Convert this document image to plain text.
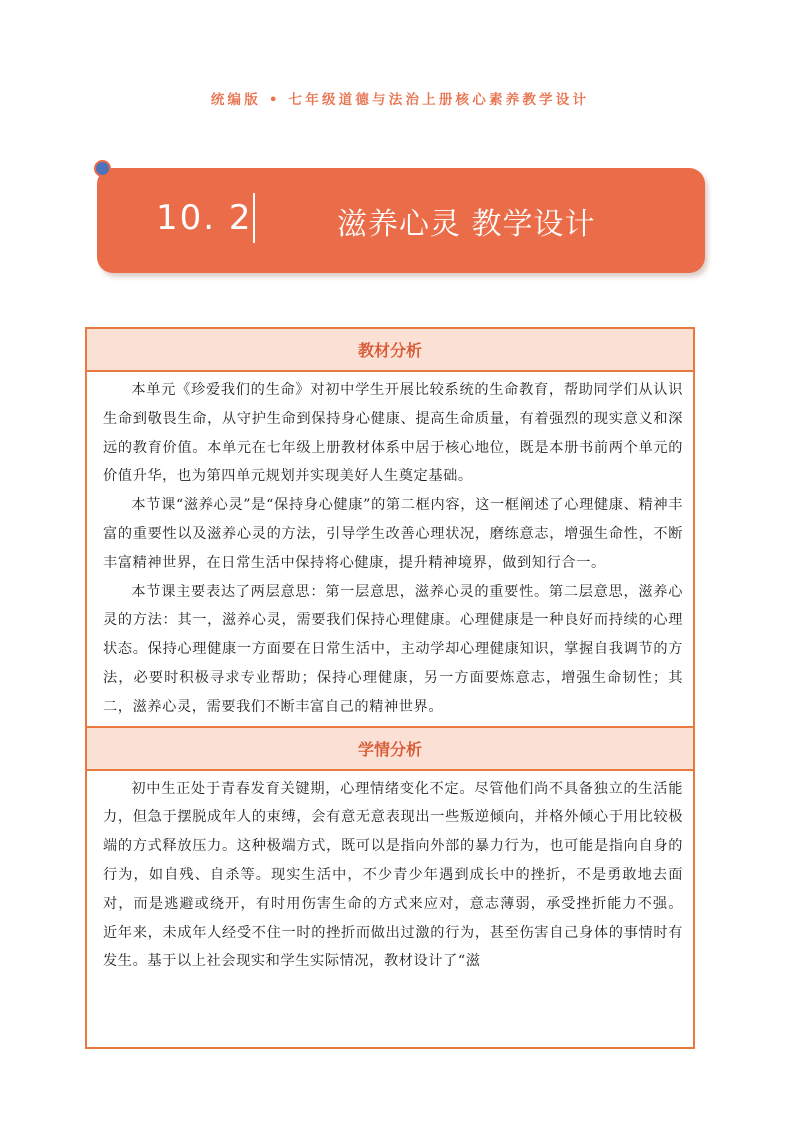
统编版 • 七年级道德与法治上册核心素养教学设计
10. 2	滋养心灵 教学设计
教材分析

本单元《珍爱我们的生命》对初中学生开展比较系统的生命教育，帮助同学们从认识生命到敬畏生命，从守护生命到保持身心健康、提高生命质量，有着强烈的现实意义和深远的教育价值。本单元在七年级上册教材体系中居于核心地位，既是本册书前两个单元的价值升华，也为第四单元规划并实现美好人生奠定基础。

本节课“滋养心灵”是“保持身心健康”的第二框内容，这一框阐述了心理健康、精神丰富的重要性以及滋养心灵的方法，引导学生改善心理状况，磨练意志，增强生命性，不断丰富精神世界，在日常生活中保持将心健康，提升精神境界，做到知行合一。

本节课主要表达了两层意思：第一层意思，滋养心灵的重要性。第二层意思，滋养心灵的方法：其一，滋养心灵，需要我们保持心理健康。心理健康是一种良好而持续的心理状态。保持心理健康一方面要在日常生活中，主动学却心理健康知识，掌握自我调节的方法，必要时积极寻求专业帮助；保持心理健康，另一方面要炼意志，增强生命韧性；其二，滋养心灵，需要我们不断丰富自己的精神世界。

学情分析

初中生正处于青春发育关键期，心理情绪变化不定。尽管他们尚不具备独立的生活能力，但急于摆脱成年人的束缚，会有意无意表现出一些叛逆倾向，并格外倾心于用比较极端的方式释放压力。这种极端方式，既可以是指向外部的暴力行为，也可能是指向自身的行为，如自残、自杀等。现实生活中，不少青少年遇到成长中的挫折，不是勇敢地去面对，而是逃避或绕开，有时用伤害生命的方式来应对，意志薄弱，承受挫折能力不强。 近年来，未成年人经受不住一时的挫折而做出过激的行为，甚至伤害自己身体的事情时有发生。基于以上社会现实和学生实际情况，教材设计了“滋
